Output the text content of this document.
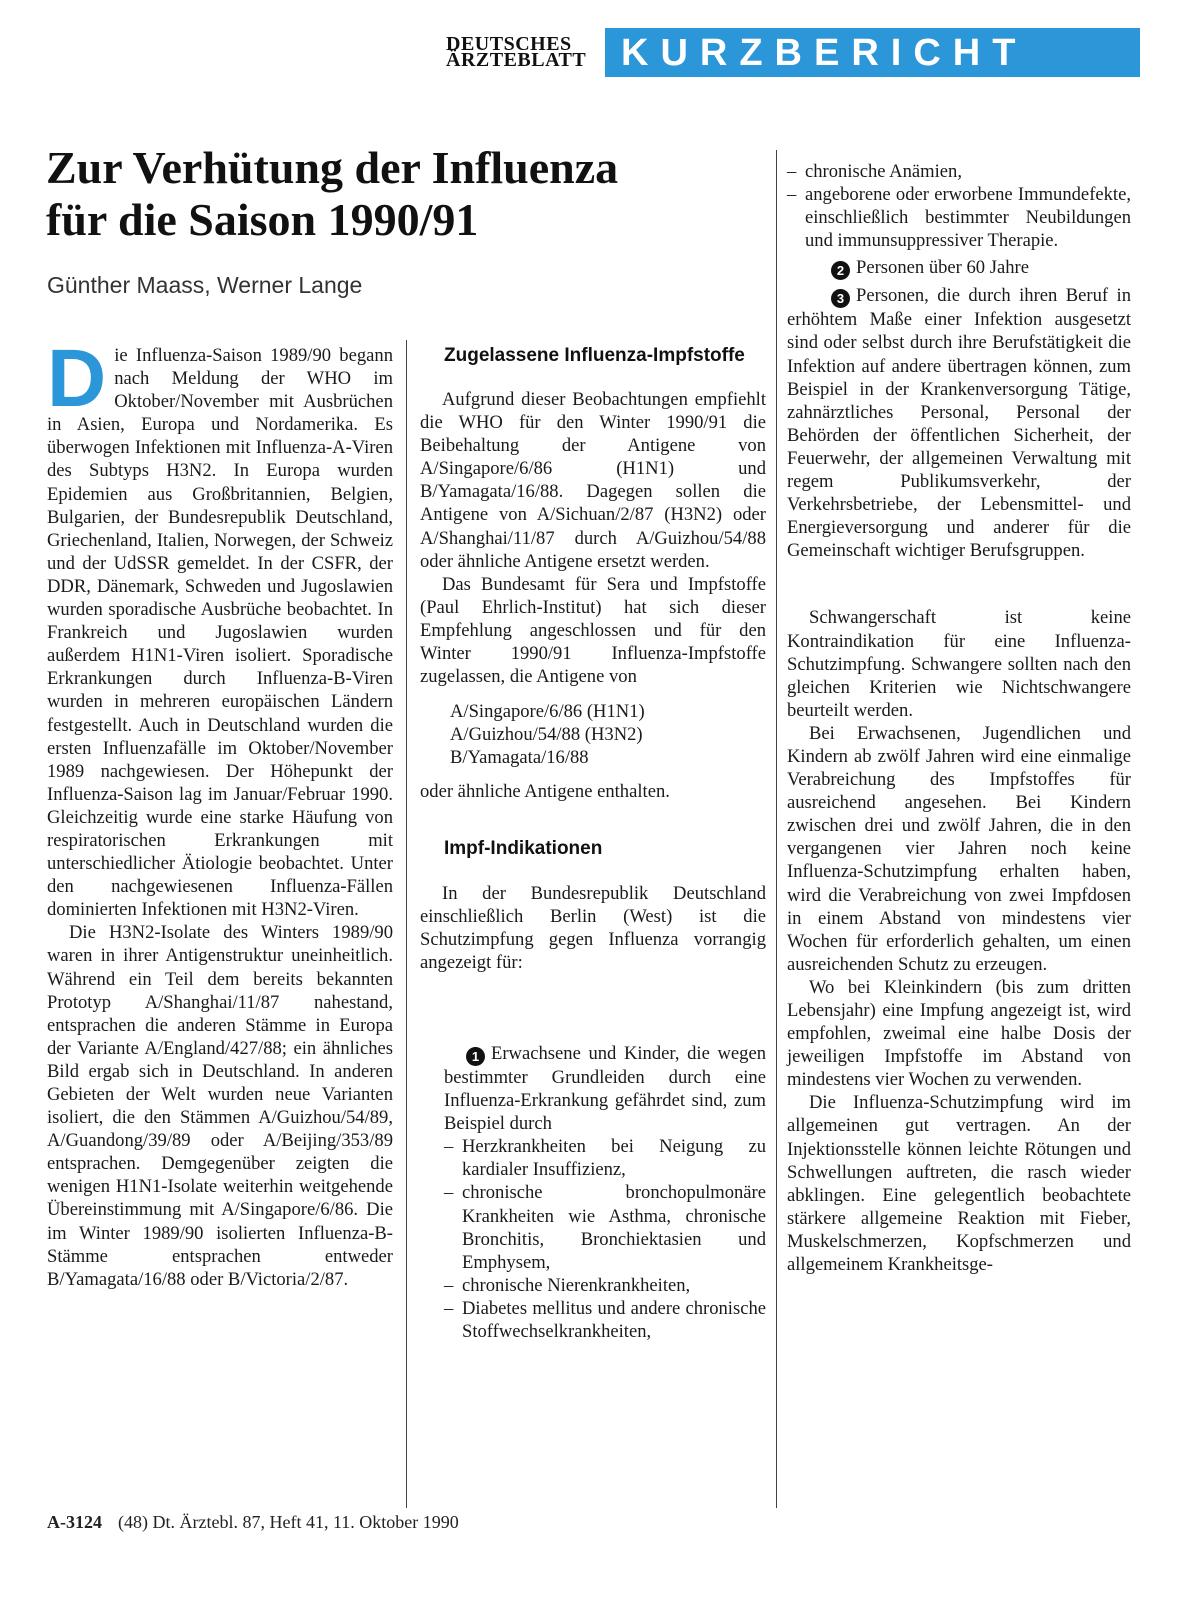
DEUTSCHES
ÄRZTEBLATT KURZBERICHT
Zur Verhütung der Influenza
für die Saison 1990/91
Günther Maass, Werner Lange

Die Influenza-Saison 1989/90 begann nach Meldung der WHO im Oktober/November mit Ausbrüchen in Asien, Europa und Nordamerika. Es überwogen Infektionen mit Influenza-A-Viren des Subtyps H3N2. In Europa wurden Epidemien aus Großbritannien, Belgien, Bulgarien, der Bundesrepublik Deutschland, Griechenland, Italien, Norwegen, der Schweiz und der UdSSR gemeldet. In der CSFR, der DDR, Dänemark, Schweden und Jugoslawien wurden sporadische Ausbrüche beobachtet. In Frankreich und Jugoslawien wurden außerdem H1N1-Viren isoliert. Sporadische Erkrankungen durch Influenza-B-Viren wurden in mehreren europäischen Ländern festgestellt. Auch in Deutschland wurden die ersten Influenzafälle im Oktober/November 1989 nachgewiesen. Der Höhepunkt der Influenza-Saison lag im Januar/Februar 1990. Gleichzeitig wurde eine starke Häufung von respiratorischen Erkrankungen mit unterschiedlicher Ätiologie beobachtet. Unter den nachgewiesenen Influenza-Fällen dominierten Infektionen mit H3N2-Viren.

Die H3N2-Isolate des Winters 1989/90 waren in ihrer Antigenstruktur uneinheitlich. Während ein Teil dem bereits bekannten Prototyp A/Shanghai/11/87 nahestand, entsprachen die anderen Stämme in Europa der Variante A/England/427/88; ein ähnliches Bild ergab sich in Deutschland. In anderen Gebieten der Welt wurden neue Varianten isoliert, die den Stämmen A/Guizhou/54/89, A/Guandong/39/89 oder A/Beijing/353/89 entsprachen. Demgegenüber zeigten die wenigen H1N1-Isolate weiterhin weitgehende Übereinstimmung mit A/Singapore/6/86. Die im Winter 1989/90 isolierten Influenza-B-Stämme entsprachen entweder B/Yamagata/16/88 oder B/Victoria/2/87.

Zugelassene Influenza-Impfstoffe

Aufgrund dieser Beobachtungen empfiehlt die WHO für den Winter 1990/91 die Beibehaltung der Antigene von A/Singapore/6/86 (H1N1) und B/Yamagata/16/88. Dagegen sollen die Antigene von A/Sichuan/2/87 (H3N2) oder A/Shanghai/11/87 durch A/Guizhou/54/88 oder ähnliche Antigene ersetzt werden.

Das Bundesamt für Sera und Impfstoffe (Paul Ehrlich-Institut) hat sich dieser Empfehlung angeschlossen und für den Winter 1990/91 Influenza-Impfstoffe zugelassen, die Antigene von

A/Singapore/6/86 (H1N1)
A/Guizhou/54/88 (H3N2)
B/Yamagata/16/88

oder ähnliche Antigene enthalten.

Impf-Indikationen

In der Bundesrepublik Deutschland einschließlich Berlin (West) ist die Schutzimpfung gegen Influenza vorrangig angezeigt für:

1 Erwachsene und Kinder, die wegen bestimmter Grundleiden durch eine Influenza-Erkrankung gefährdet sind, zum Beispiel durch

– Herzkrankheiten bei Neigung zu kardialer Insuffizienz,
– chronische bronchopulmonäre Krankheiten wie Asthma, chronische Bronchitis, Bronchiektasien und Emphysem,
– chronische Nierenkrankheiten,
– Diabetes mellitus und andere chronische Stoffwechselkrankheiten,
– chronische Anämien,
– angeborene oder erworbene Immundefekte, einschließlich bestimmter Neubildungen und immunsuppressiver Therapie.

2 Personen über 60 Jahre

3 Personen, die durch ihren Beruf in erhöhtem Maße einer Infektion ausgesetzt sind oder selbst durch ihre Berufstätigkeit die Infektion auf andere übertragen können, zum Beispiel in der Krankenversorgung Tätige, zahnärztliches Personal, Personal der Behörden der öffentlichen Sicherheit, der Feuerwehr, der allgemeinen Verwaltung mit regem Publikumsverkehr, der Verkehrsbetriebe, der Lebensmittel- und Energieversorgung und anderer für die Gemeinschaft wichtiger Berufsgruppen.

Schwangerschaft ist keine Kontraindikation für eine Influenza-Schutzimpfung. Schwangere sollten nach den gleichen Kriterien wie Nichtschwangere beurteilt werden.

Bei Erwachsenen, Jugendlichen und Kindern ab zwölf Jahren wird eine einmalige Verabreichung des Impfstoffes für ausreichend angesehen. Bei Kindern zwischen drei und zwölf Jahren, die in den vergangenen vier Jahren noch keine Influenza-Schutzimpfung erhalten haben, wird die Verabreichung von zwei Impfdosen in einem Abstand von mindestens vier Wochen für erforderlich gehalten, um einen ausreichenden Schutz zu erzeugen.

Wo bei Kleinkindern (bis zum dritten Lebensjahr) eine Impfung angezeigt ist, wird empfohlen, zweimal eine halbe Dosis der jeweiligen Impfstoffe im Abstand von mindestens vier Wochen zu verwenden.

Die Influenza-Schutzimpfung wird im allgemeinen gut vertragen. An der Injektionsstelle können leichte Rötungen und Schwellungen auftreten, die rasch wieder abklingen. Eine gelegentlich beobachtete stärkere allgemeine Reaktion mit Fieber, Muskelschmerzen, Kopfschmerzen und allgemeinem Krankheitsge-

A-3124 (48) Dt. Ärztebl. 87, Heft 41, 11. Oktober 1990
